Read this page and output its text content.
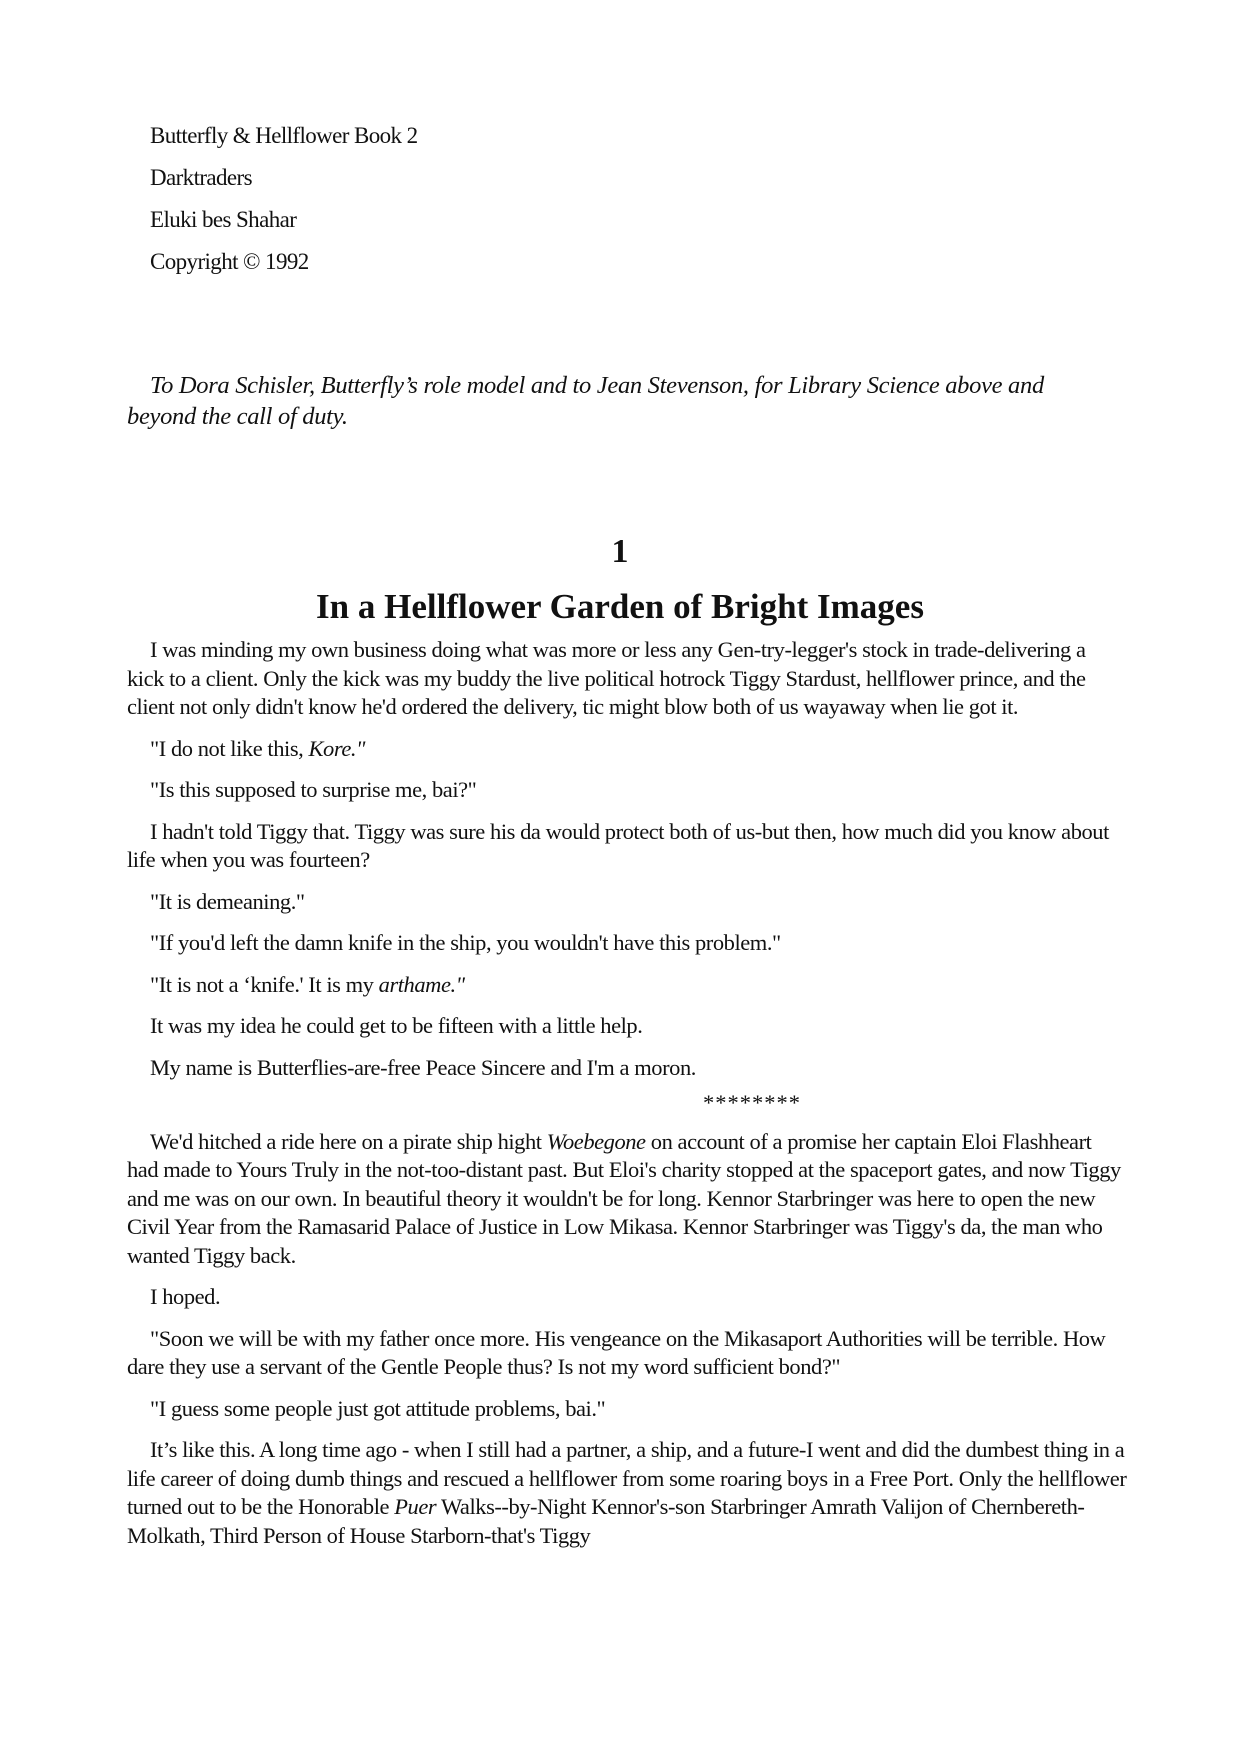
Butterfly & Hellflower Book 2
Darktraders
Eluki bes Shahar
Copyright © 1992
To Dora Schisler, Butterfly’s role model and to Jean Stevenson, for Library Science above and beyond the call of duty.
1
In a Hellflower Garden of Bright Images

I was minding my own business doing what was more or less any Gen-try-legger's stock in trade-delivering a kick to a client. Only the kick was my buddy the live political hotrock Tiggy Stardust, hellflower prince, and the client not only didn't know he'd ordered the delivery, tic might blow both of us wayaway when lie got it.

"I do not like this, Kore."

"Is this supposed to surprise me, bai?"

I hadn't told Tiggy that. Tiggy was sure his da would protect both of us-but then, how much did you know about life when you was fourteen?

"It is demeaning."

"If you'd left the damn knife in the ship, you wouldn't have this problem."

"It is not a ‘knife.' It is my arthame."

It was my idea he could get to be fifteen with a little help.

My name is Butterflies-are-free Peace Sincere and I'm a moron.

********

We'd hitched a ride here on a pirate ship hight Woebegone on account of a promise her captain Eloi Flashheart had made to Yours Truly in the not-too-distant past. But Eloi's charity stopped at the spaceport gates, and now Tiggy and me was on our own. In beautiful theory it wouldn't be for long. Kennor Starbringer was here to open the new Civil Year from the Ramasarid Palace of Justice in Low Mikasa. Kennor Starbringer was Tiggy's da, the man who wanted Tiggy back.

I hoped.

"Soon we will be with my father once more. His vengeance on the Mikasaport Authorities will be terrible. How dare they use a servant of the Gentle People thus? Is not my word sufficient bond?"

"I guess some people just got attitude problems, bai."

It’s like this. A long time ago - when I still had a partner, a ship, and a future-I went and did the dumbest thing in a life career of doing dumb things and rescued a hellflower from some roaring boys in a Free Port. Only the hellflower turned out to be the Honorable Puer Walks--by-Night Kennor's-son Starbringer Amrath Valijon of Chernbereth-Molkath, Third Person of House Starborn-that's Tiggy
